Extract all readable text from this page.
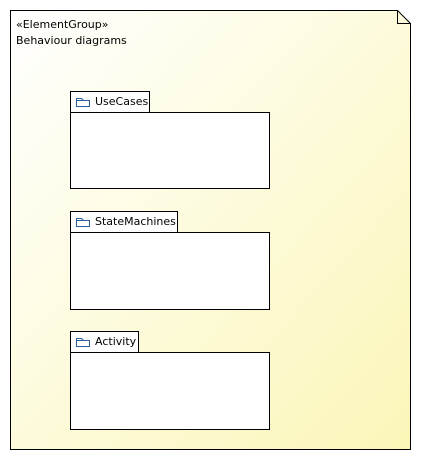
«ElementGroup»
Behaviour diagrams
UseCases
StateMachines
Activity
